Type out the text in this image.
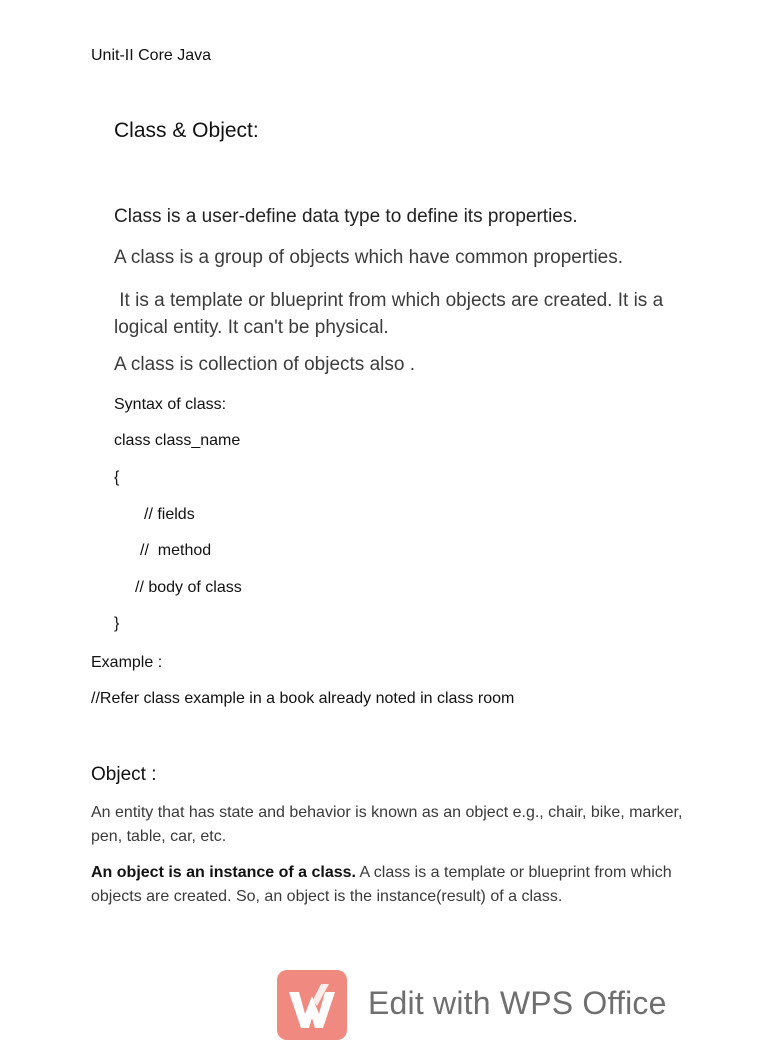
Unit-II Core Java
Class & Object:
Class is a user-define data type to define its properties.
A class is a group of objects which have common properties.
It is a template or blueprint from which objects are created. It is a logical entity. It can't be physical.
A class is collection of objects also .
Syntax of class:
class class_name
{
// fields
//  method
// body of class
}
Example :
//Refer class example in a book already noted in class room
Object :
An entity that has state and behavior is known as an object e.g., chair, bike, marker, pen, table, car, etc.
An object is an instance of a class. A class is a template or blueprint from which objects are created. So, an object is the instance(result) of a class.
Edit with WPS Office
